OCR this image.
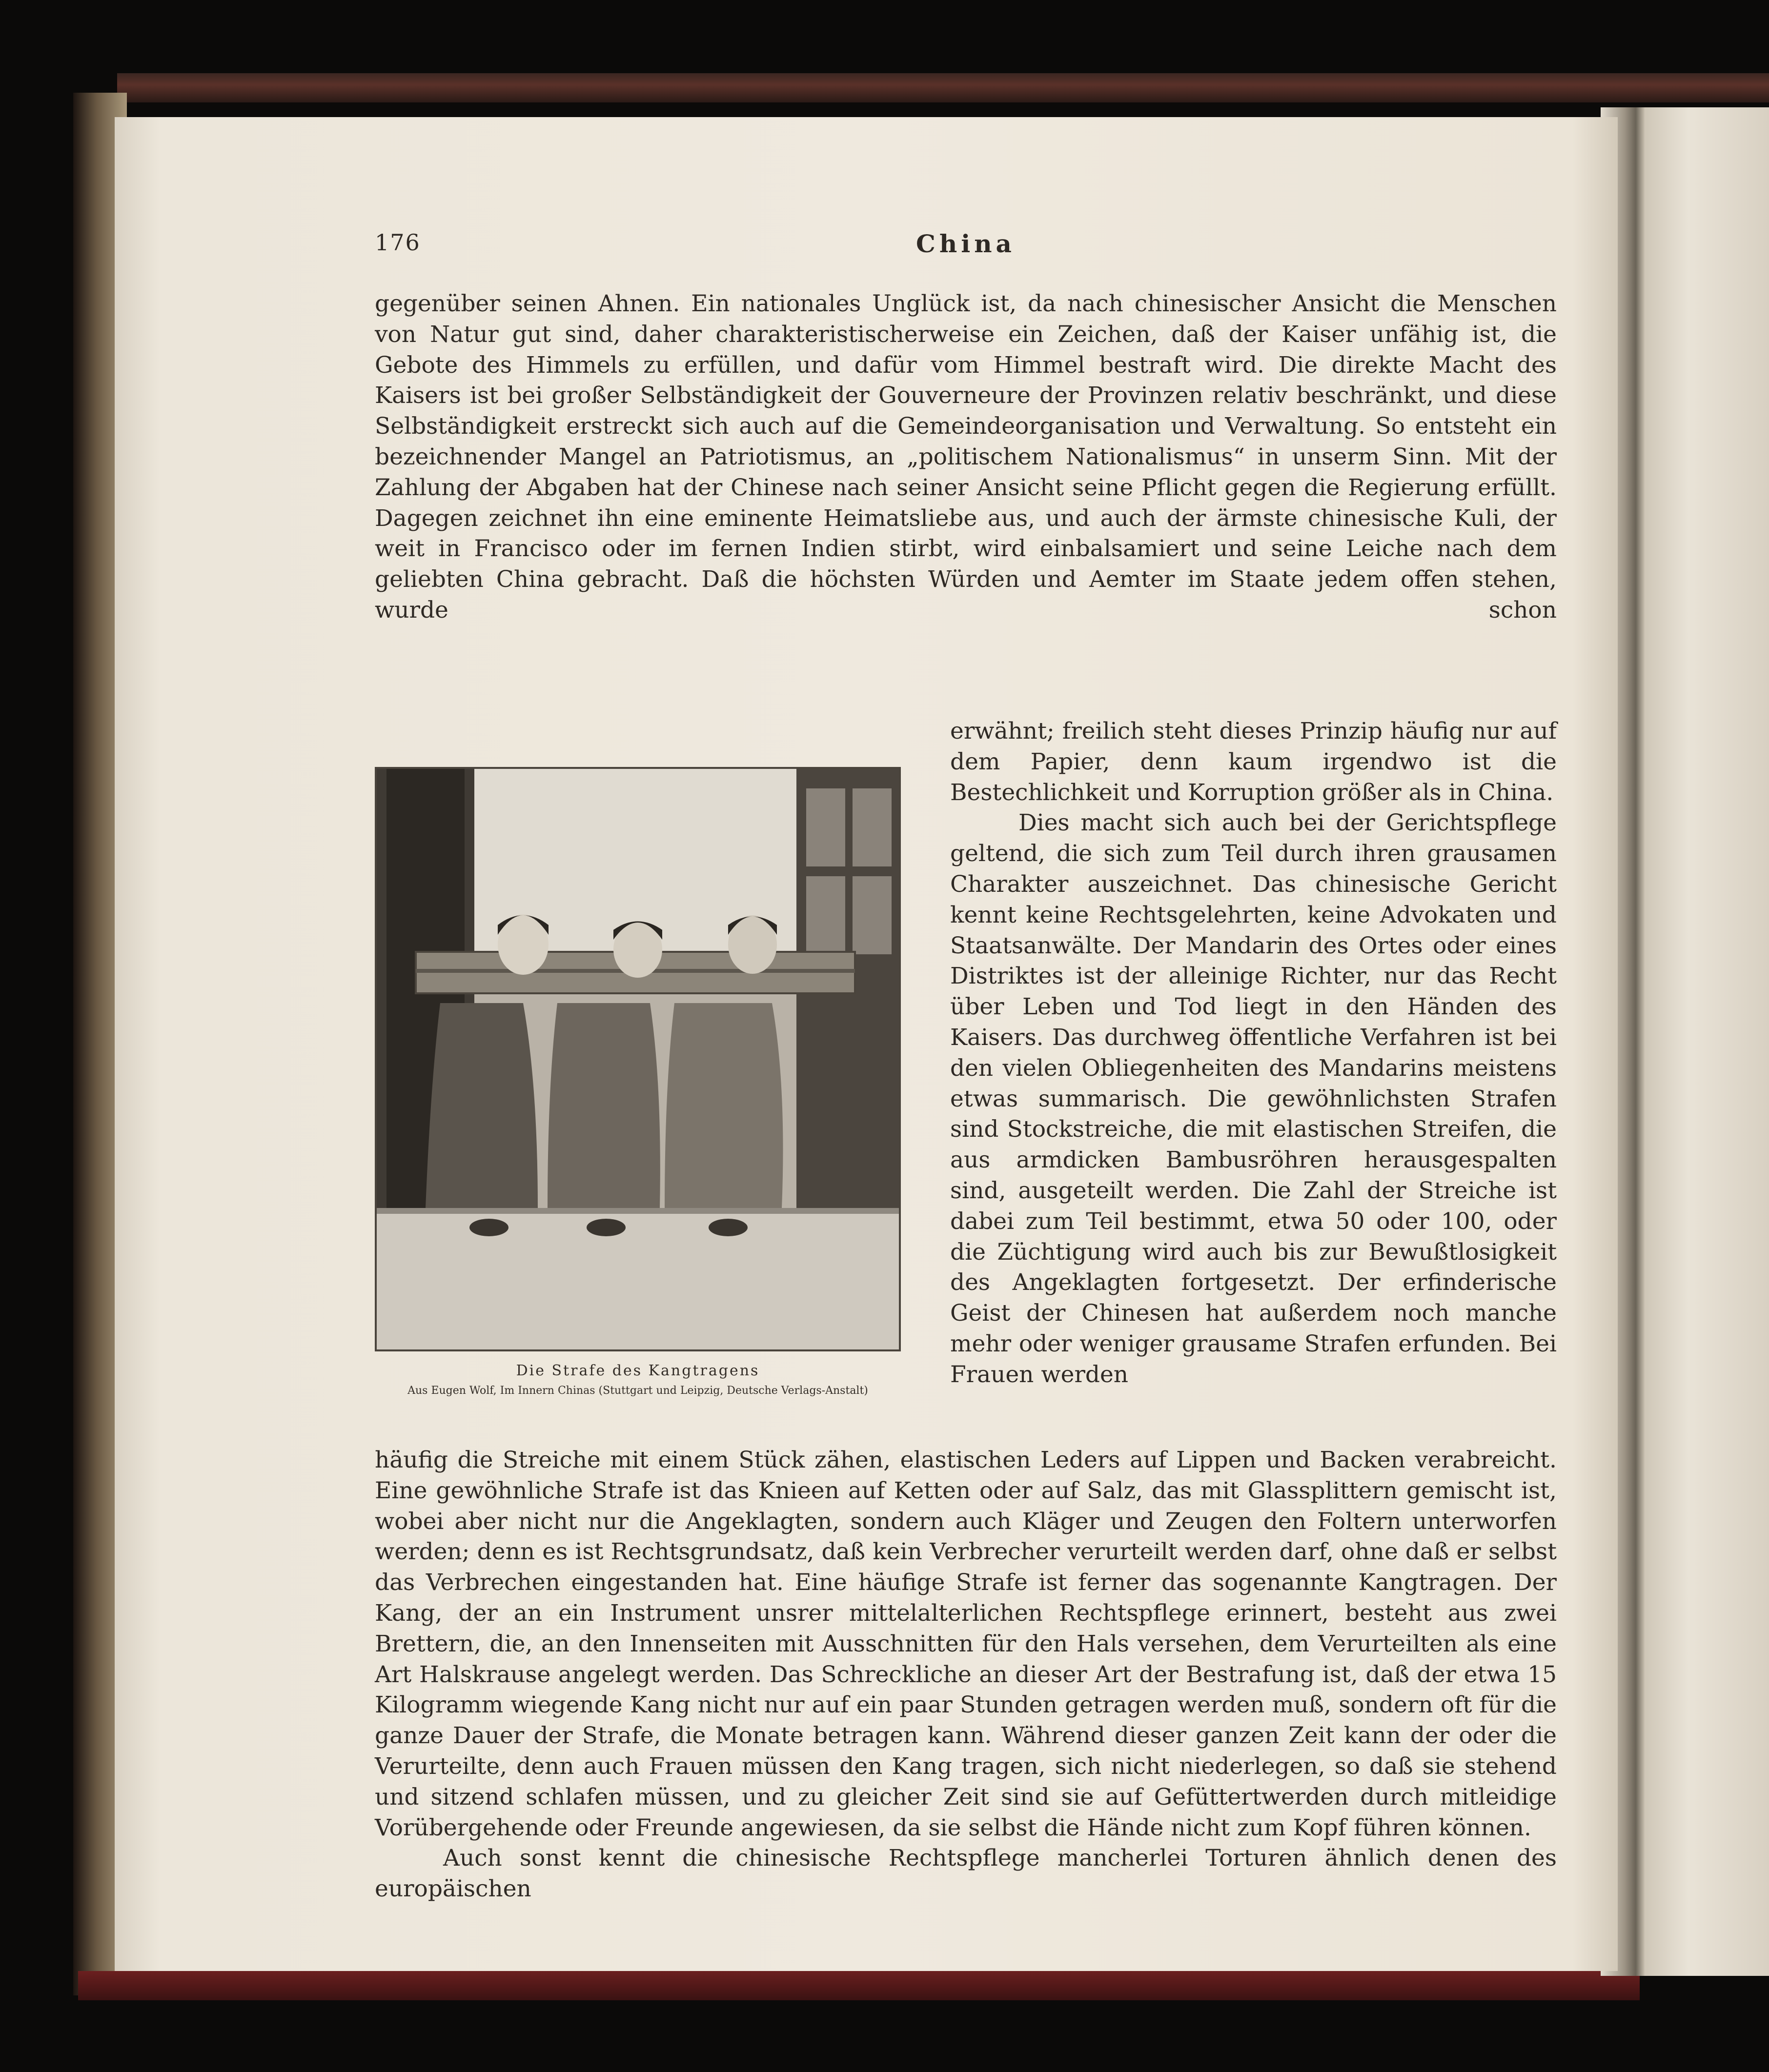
176	China

gegenüber seinen Ahnen. Ein nationales Unglück ist, da nach chinesischer Ansicht die Menschen von Natur gut sind, daher charakteristischerweise ein Zeichen, daß der Kaiser unfähig ist, die Gebote des Himmels zu erfüllen, und dafür vom Himmel bestraft wird. Die direkte Macht des Kaisers ist bei großer Selbständigkeit der Gouverneure der Provinzen relativ beschränkt, und diese Selbständigkeit erstreckt sich auch auf die Gemeindeorganisation und Verwaltung. So entsteht ein bezeichnender Mangel an Patriotismus, an „politischem Nationalismus“ in unserm Sinn. Mit der Zahlung der Abgaben hat der Chinese nach seiner Ansicht seine Pflicht gegen die Regierung erfüllt. Dagegen zeichnet ihn eine eminente Heimatsliebe aus, und auch der ärmste chinesische Kuli, der weit in Francisco oder im fernen Indien stirbt, wird einbalsamiert und seine Leiche nach dem geliebten China gebracht. Daß die höchsten Würden und Aemter im Staate jedem offen stehen, wurde schon

Die Strafe des Kangtragens
Aus Eugen Wolf, Im Innern Chinas (Stuttgart und Leipzig, Deutsche Verlags-Anstalt)

erwähnt; freilich steht dieses Prinzip häufig nur auf dem Papier, denn kaum irgendwo ist die Bestechlichkeit und Korruption größer als in China.

Dies macht sich auch bei der Gerichtspflege geltend, die sich zum Teil durch ihren grausamen Charakter auszeichnet. Das chinesische Gericht kennt keine Rechtsgelehrten, keine Advokaten und Staatsanwälte. Der Mandarin des Ortes oder eines Distriktes ist der alleinige Richter, nur das Recht über Leben und Tod liegt in den Händen des Kaisers. Das durchweg öffentliche Verfahren ist bei den vielen Obliegenheiten des Mandarins meistens etwas summarisch. Die gewöhnlichsten Strafen sind Stockstreiche, die mit elastischen Streifen, die aus armdicken Bambusröhren herausgespalten sind, ausgeteilt werden. Die Zahl der Streiche ist dabei zum Teil bestimmt, etwa 50 oder 100, oder die Züchtigung wird auch bis zur Bewußtlosigkeit des Angeklagten fortgesetzt. Der erfinderische Geist der Chinesen hat außerdem noch manche mehr oder weniger grausame Strafen erfunden. Bei Frauen werden

häufig die Streiche mit einem Stück zähen, elastischen Leders auf Lippen und Backen verabreicht. Eine gewöhnliche Strafe ist das Knieen auf Ketten oder auf Salz, das mit Glassplittern gemischt ist, wobei aber nicht nur die Angeklagten, sondern auch Kläger und Zeugen den Foltern unterworfen werden; denn es ist Rechtsgrundsatz, daß kein Verbrecher verurteilt werden darf, ohne daß er selbst das Verbrechen eingestanden hat. Eine häufige Strafe ist ferner das sogenannte Kangtragen. Der Kang, der an ein Instrument unsrer mittelalterlichen Rechtspflege erinnert, besteht aus zwei Brettern, die, an den Innenseiten mit Ausschnitten für den Hals versehen, dem Verurteilten als eine Art Halskrause angelegt werden. Das Schreckliche an dieser Art der Bestrafung ist, daß der etwa 15 Kilogramm wiegende Kang nicht nur auf ein paar Stunden getragen werden muß, sondern oft für die ganze Dauer der Strafe, die Monate betragen kann. Während dieser ganzen Zeit kann der oder die Verurteilte, denn auch Frauen müssen den Kang tragen, sich nicht niederlegen, so daß sie stehend und sitzend schlafen müssen, und zu gleicher Zeit sind sie auf Gefüttertwerden durch mitleidige Vorübergehende oder Freunde angewiesen, da sie selbst die Hände nicht zum Kopf führen können.

Auch sonst kennt die chinesische Rechtspflege mancherlei Torturen ähnlich denen des europäischen
